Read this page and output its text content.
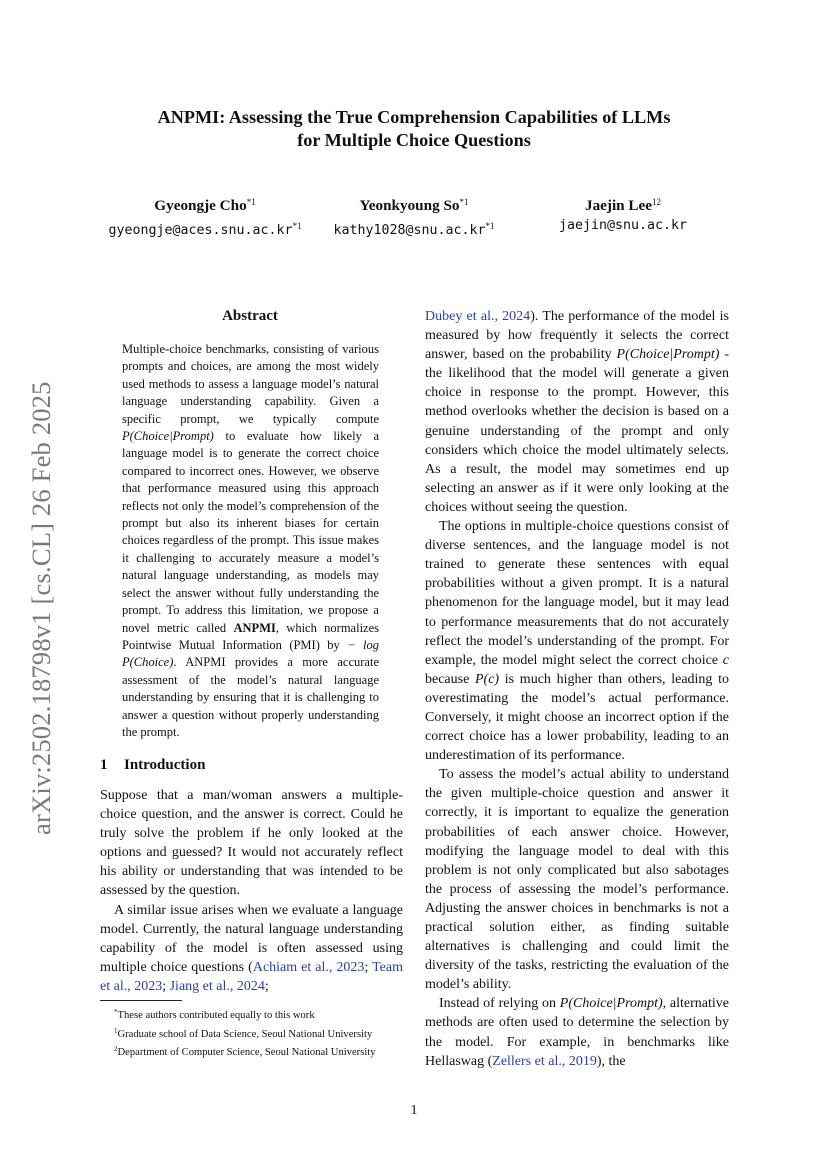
arXiv:2502.18798v1 [cs.CL] 26 Feb 2025
ANPMI: Assessing the True Comprehension Capabilities of LLMs
for Multiple Choice Questions
Gyeongje Cho$^{*1}$
$gyeongje@aces.snu.ac.kr^{*1}$
Yeonkyoung So$^{*1}$
$kathy1028@snu.ac.kr^{*1}$
Jaejin Lee$^{12}$
jaejin@snu.ac.kr
Abstract
Multiple-choice benchmarks, consisting of various prompts and choices, are among the most widely used methods to assess a language model’s natural language understanding capability. Given a specific prompt, we typically compute P(Choice|Prompt) to evaluate how likely a language model is to generate the correct choice compared to incorrect ones. However, we observe that performance measured using this approach reflects not only the model’s comprehension of the prompt but also its inherent biases for certain choices regardless of the prompt. This issue makes it challenging to accurately measure a model’s natural language understanding, as models may select the answer without fully understanding the prompt. To address this limitation, we propose a novel metric called ANPMI, which normalizes Pointwise Mutual Information (PMI) by − log P(Choice). ANPMI provides a more accurate assessment of the model’s natural language understanding by ensuring that it is challenging to answer a question without properly understanding the prompt.
1 Introduction

Suppose that a man/woman answers a multiple-choice question, and the answer is correct. Could he truly solve the problem if he only looked at the options and guessed? It would not accurately reflect his ability or understanding that was intended to be assessed by the question.

A similar issue arises when we evaluate a language model. Currently, the natural language understanding capability of the model is often assessed using multiple choice questions (Achiam et al., 2023; Team et al., 2023; Jiang et al., 2024;

*These authors contributed equally to this work

$^1$Graduate school of Data Science, Seoul National University

$^2$Department of Computer Science, Seoul National University

Dubey et al., 2024). The performance of the model is measured by how frequently it selects the correct answer, based on the probability P(Choice|Prompt) - the likelihood that the model will generate a given choice in response to the prompt. However, this method overlooks whether the decision is based on a genuine understanding of the prompt and only considers which choice the model ultimately selects. As a result, the model may sometimes end up selecting an answer as if it were only looking at the choices without seeing the question.

The options in multiple-choice questions consist of diverse sentences, and the language model is not trained to generate these sentences with equal probabilities without a given prompt. It is a natural phenomenon for the language model, but it may lead to performance measurements that do not accurately reflect the model’s understanding of the prompt. For example, the model might select the correct choice c because P(c) is much higher than others, leading to overestimating the model’s actual performance. Conversely, it might choose an incorrect option if the correct choice has a lower probability, leading to an underestimation of its performance.

To assess the model’s actual ability to understand the given multiple-choice question and answer it correctly, it is important to equalize the generation probabilities of each answer choice. However, modifying the language model to deal with this problem is not only complicated but also sabotages the process of assessing the model’s performance. Adjusting the answer choices in benchmarks is not a practical solution either, as finding suitable alternatives is challenging and could limit the diversity of the tasks, restricting the evaluation of the model’s ability.

Instead of relying on P(Choice|Prompt), alternative methods are often used to determine the selection by the model. For example, in benchmarks like Hellaswag (Zellers et al., 2019), the

1
